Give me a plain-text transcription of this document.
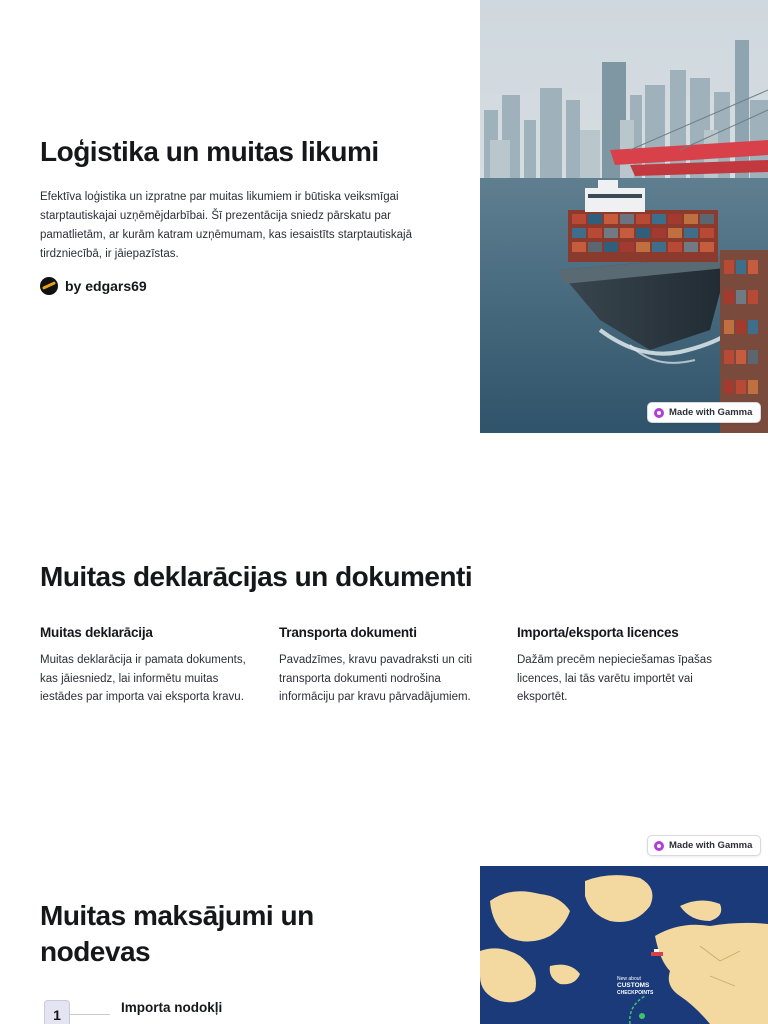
Loģistika un muitas likumi

Efektīva loģistika un izpratne par muitas likumiem ir būtiska veiksmīgai starptautiskajai uzņēmējdarbībai. Šī prezentācija sniedz pārskatu par pamatlietām, ar kurām katram uzņēmumam, kas iesaistīts starptautiskajā tirdzniecībā, ir jāiepazīstas.

by edgars69
Made with Gamma
Muitas deklarācijas un dokumenti
Muitas deklarācija

Muitas deklarācija ir pamata dokuments, kas jāiesniedz, lai informētu muitas iestādes par importa vai eksporta kravu.

Transporta dokumenti

Pavadzīmes, kravu pavadraksti un citi transporta dokumenti nodrošina informāciju par kravu pārvadājumiem.

Importa/eksporta licences

Dažām precēm nepieciešamas īpašas licences, lai tās varētu importēt vai eksportēt.

Made with Gamma
Muitas maksājumi un nodevas
1	Importa nodokļi
New about
CUSTOMS
CHECKPOINTS
